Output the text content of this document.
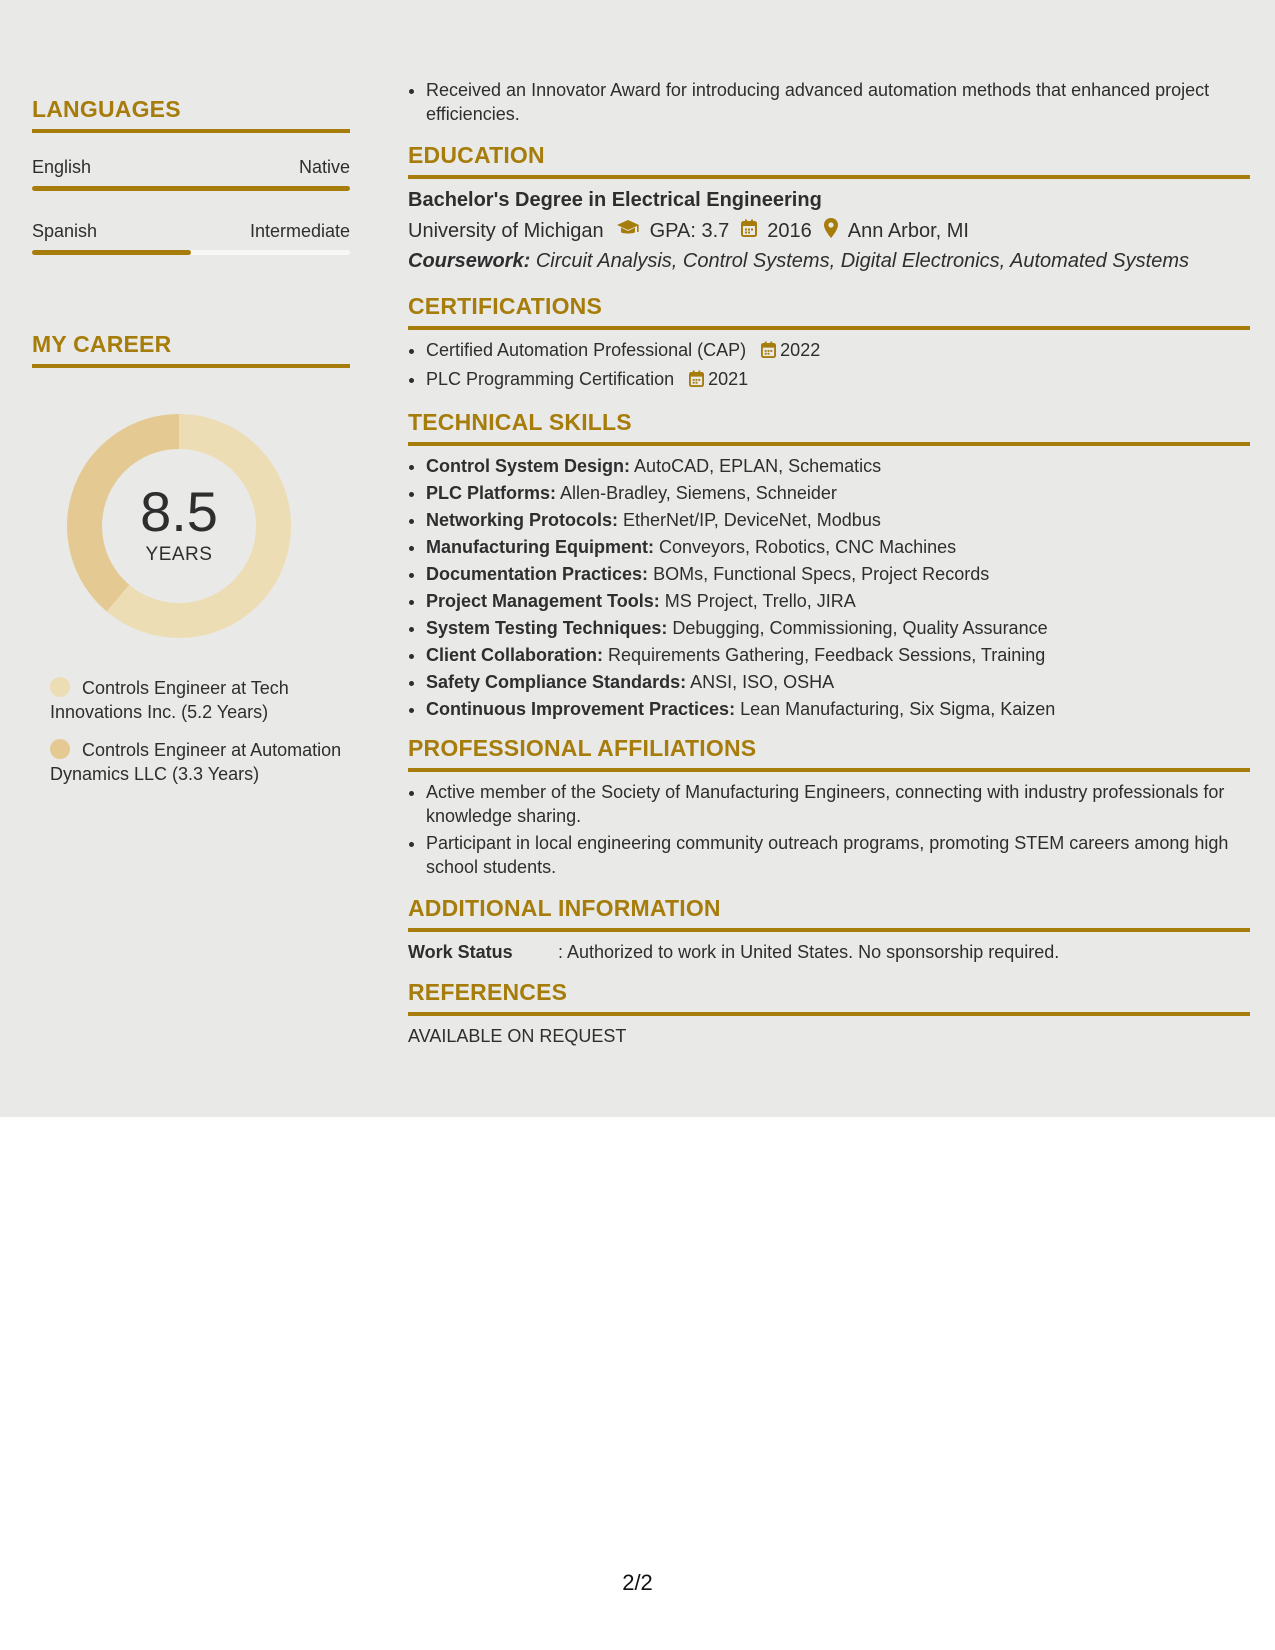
LANGUAGES
English	Native
Spanish	Intermediate
MY CAREER
8.5
YEARS
Controls Engineer at Tech Innovations Inc. (5.2 Years)
Controls Engineer at Automation Dynamics LLC (3.3 Years)
• Received an Innovator Award for introducing advanced automation methods that enhanced project efficiencies.
EDUCATION
Bachelor's Degree in Electrical Engineering
University of Michigan GPA: 3.7 2016 Ann Arbor, MI
Coursework: Circuit Analysis, Control Systems, Digital Electronics, Automated Systems
CERTIFICATIONS
• Certified Automation Professional (CAP) 2022
• PLC Programming Certification 2021
TECHNICAL SKILLS
• Control System Design: AutoCAD, EPLAN, Schematics
• PLC Platforms: Allen-Bradley, Siemens, Schneider
• Networking Protocols: EtherNet/IP, DeviceNet, Modbus
• Manufacturing Equipment: Conveyors, Robotics, CNC Machines
• Documentation Practices: BOMs, Functional Specs, Project Records
• Project Management Tools: MS Project, Trello, JIRA
• System Testing Techniques: Debugging, Commissioning, Quality Assurance
• Client Collaboration: Requirements Gathering, Feedback Sessions, Training
• Safety Compliance Standards: ANSI, ISO, OSHA
• Continuous Improvement Practices: Lean Manufacturing, Six Sigma, Kaizen
PROFESSIONAL AFFILIATIONS
• Active member of the Society of Manufacturing Engineers, connecting with industry professionals for knowledge sharing.
• Participant in local engineering community outreach programs, promoting STEM careers among high school students.
ADDITIONAL INFORMATION
Work Status	: Authorized to work in United States. No sponsorship required.
REFERENCES
AVAILABLE ON REQUEST
2/2
